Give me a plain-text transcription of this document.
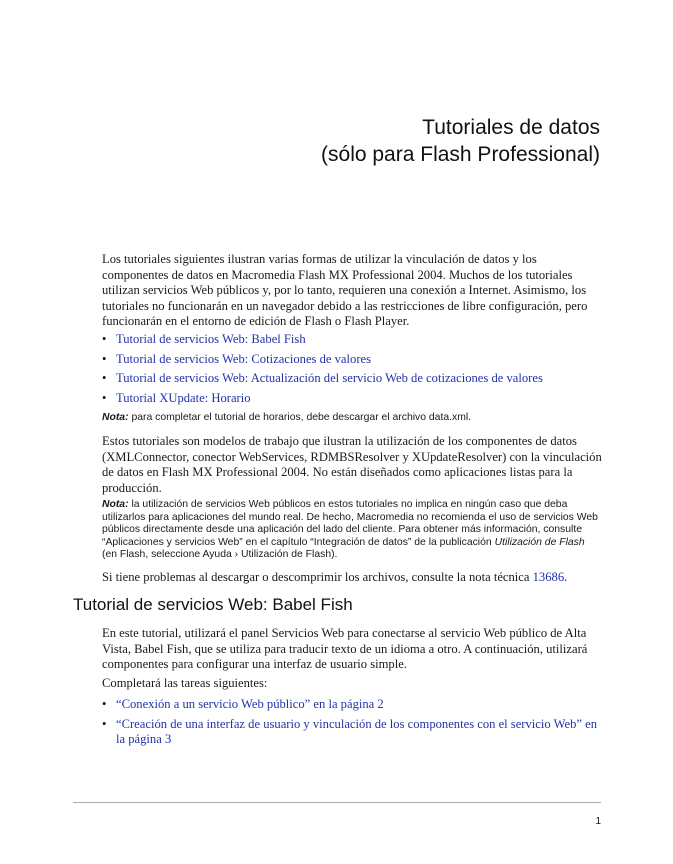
Tutoriales de datos
(sólo para Flash Professional)

Los tutoriales siguientes ilustran varias formas de utilizar la vinculación de datos y los componentes de datos en Macromedia Flash MX Professional 2004. Muchos de los tutoriales utilizan servicios Web públicos y, por lo tanto, requieren una conexión a Internet. Asimismo, los tutoriales no funcionarán en un navegador debido a las restricciones de libre configuración, pero funcionarán en el entorno de edición de Flash o Flash Player.

• Tutorial de servicios Web: Babel Fish
• Tutorial de servicios Web: Cotizaciones de valores
• Tutorial de servicios Web: Actualización del servicio Web de cotizaciones de valores
• Tutorial XUpdate: Horario

Nota: para completar el tutorial de horarios, debe descargar el archivo data.xml.

Estos tutoriales son modelos de trabajo que ilustran la utilización de los componentes de datos (XMLConnector, conector WebServices, RDMBSResolver y XUpdateResolver) con la vinculación de datos en Flash MX Professional 2004. No están diseñados como aplicaciones listas para la producción.

Nota: la utilización de servicios Web públicos en estos tutoriales no implica en ningún caso que deba utilizarlos para aplicaciones del mundo real. De hecho, Macromedia no recomienda el uso de servicios Web públicos directamente desde una aplicación del lado del cliente. Para obtener más información, consulte “Aplicaciones y servicios Web” en el capítulo “Integración de datos” de la publicación Utilización de Flash (en Flash, seleccione Ayuda › Utilización de Flash).

Si tiene problemas al descargar o descomprimir los archivos, consulte la nota técnica 13686.

Tutorial de servicios Web: Babel Fish

En este tutorial, utilizará el panel Servicios Web para conectarse al servicio Web público de Alta Vista, Babel Fish, que se utiliza para traducir texto de un idioma a otro. A continuación, utilizará componentes para configurar una interfaz de usuario simple.

Completará las tareas siguientes:

• “Conexión a un servicio Web público” en la página 2
• “Creación de una interfaz de usuario y vinculación de los componentes con el servicio Web” en la página 3
1
